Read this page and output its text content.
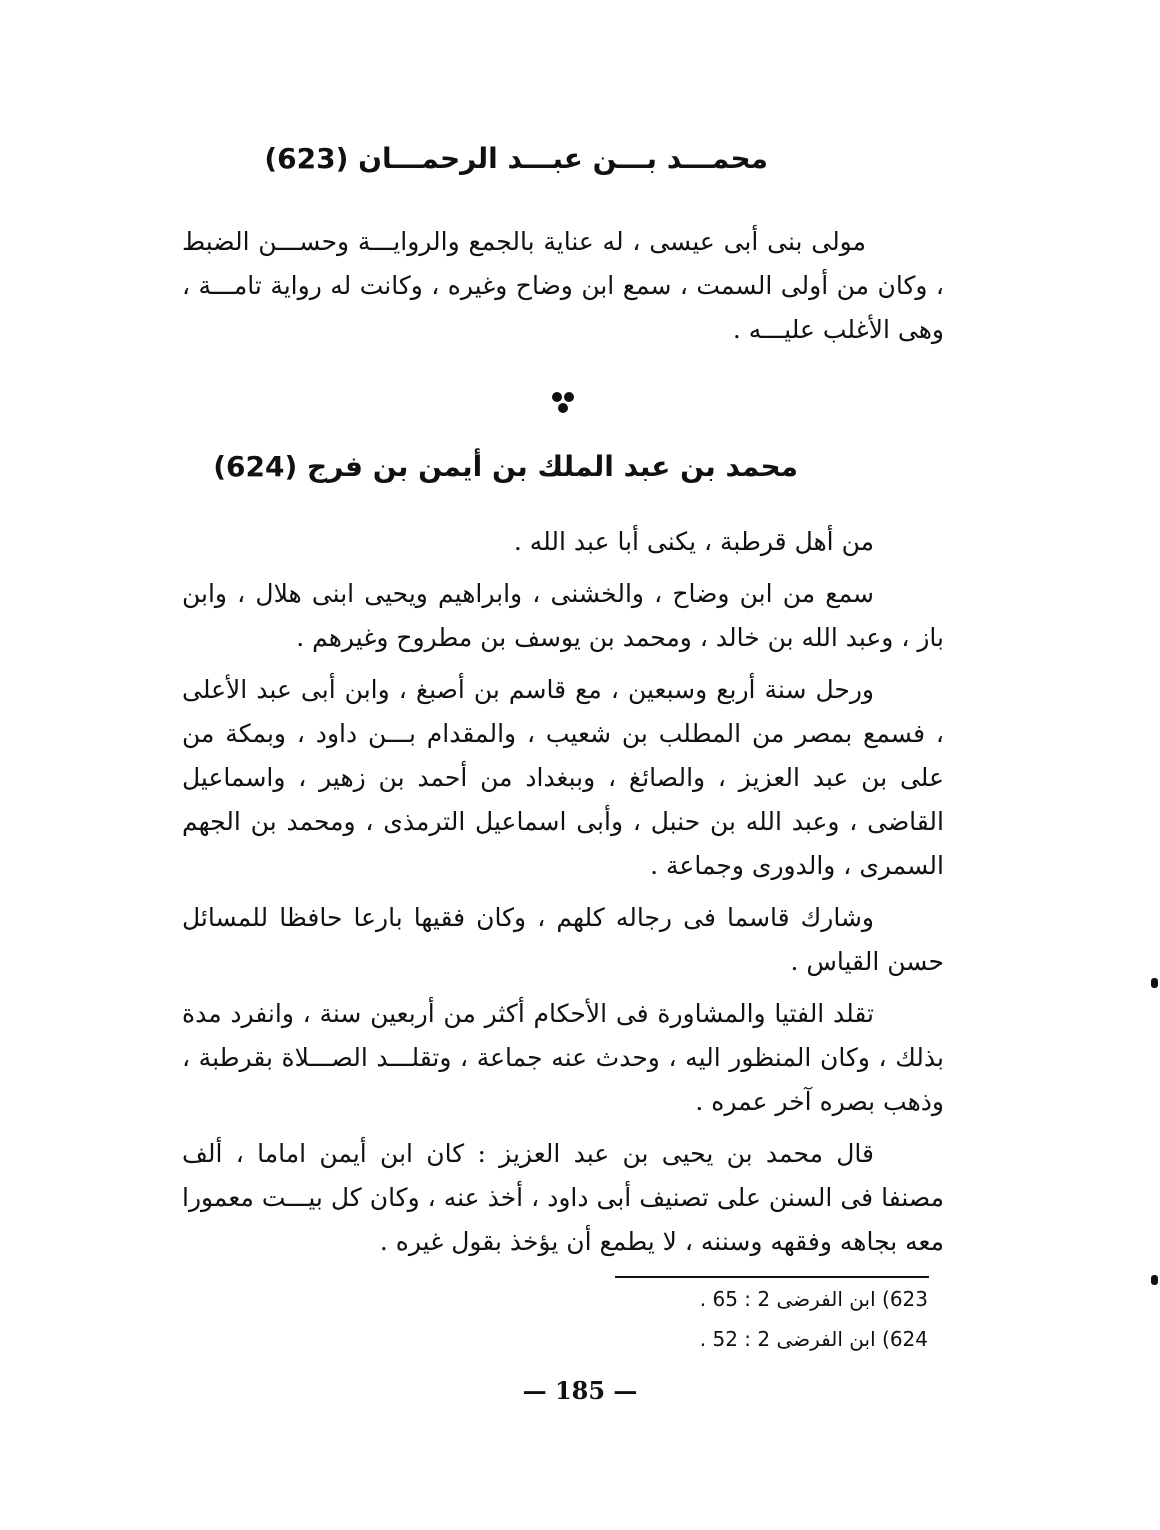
محمـــد بـــن عبـــد الرحمـــان (623)

مولى بنى أبى عيسى ، له عناية بالجمع والروايـــة وحســـن الضبط ، وكان من أولى السمت ، سمع ابن وضاح وغيره ، وكانت له رواية تامـــة ، وهى الأغلب عليـــه .

محمد بن عبد الملك بن أيمن بن فرج (624)

من أهل قرطبة ، يكنى أبا عبد الله .

سمع من ابن وضاح ، والخشنى ، وابراهيم ويحيى ابنى هلال ، وابن باز ، وعبد الله بن خالد ، ومحمد بن يوسف بن مطروح وغيرهم .

ورحل سنة أربع وسبعين ، مع قاسم بن أصبغ ، وابن أبى عبد الأعلى ، فسمع بمصر من المطلب بن شعيب ، والمقدام بـــن داود ، وبمكة من على بن عبد العزيز ، والصائغ ، وببغداد من أحمد بن زهير ، واسماعيل القاضى ، وعبد الله بن حنبل ، وأبى اسماعيل الترمذى ، ومحمد بن الجهم السمرى ، والدورى وجماعة .

وشارك قاسما فى رجاله كلهم ، وكان فقيها بارعا حافظا للمسائل حسن القياس .

تقلد الفتيا والمشاورة فى الأحكام أكثر من أربعين سنة ، وانفرد مدة بذلك ، وكان المنظور اليه ، وحدث عنه جماعة ، وتقلـــد الصـــلاة بقرطبة ، وذهب بصره آخر عمره .

قال محمد بن يحيى بن عبد العزيز : كان ابن أيمن اماما ، ألف مصنفا فى السنن على تصنيف أبى داود ، أخذ عنه ، وكان كل بيـــت معمورا معه بجاهه وفقهه وسننه ، لا يطمع أن يؤخذ بقول غيره .

623) ابن الفرضى 2 : 65 .

624) ابن الفرضى 2 : 52 .

— 185 —
